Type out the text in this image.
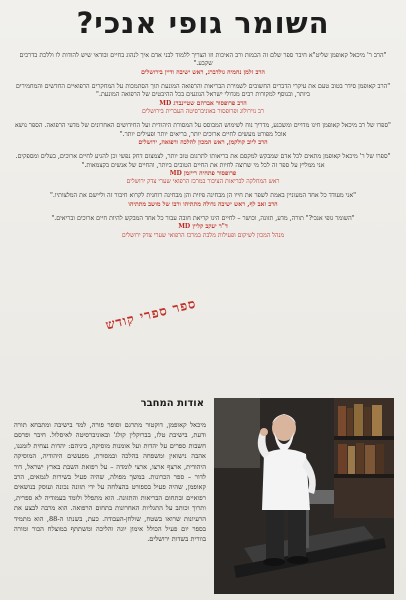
השומר גופי אנכי?
"הרב ר' מיכאל קאופמן שליט"א חיבר ספר שלם זה הכמות ורב האיכות וזו הצריך ללמוד לבני אדם איך לנהוג בחיים ובודאי שיש להודות לו וללכת בדרכים שקבע."
הרב זלמן נחמיה גולדברג, ראש ישיבה ודיין בירושלים
"הרב קאופמן סידר בטוב טעם את עיקרי הדברים החשובים לשמירת הבריאות והרפואה המונעת תוך הסתמכות על המחקרים הרפואיים החדשים והמחמירים ביותר, ובנוסף למקורות רבים מגדולי ישראל הנוגעים בכל ההיבטים של הרפואה המונעת."
הרב פרופסור אברהם שטיינברג MD
רב נוירולוג ופרופסור באוניברסיטה העברית בירושלים
"ספרו של רב מיכאל קאופמן חינו מדויים ומשכנע, מדריך נוח לשימוש המבוסס על המסורת היהודית ועל החידושים האחרונים של מדעי הרפואה. הספר נושא אוכל מפורט מעשים לחיים ארוכים יותר, בריאים יותר ופעילים יותר."
הרב ליוב קולקמן, ראש המכון להלכה ורפואה, ירושלים
"ספרו של ר' מיכאל קאופמן מתאים לכל אדם שמבקש למקסם את בריאותו לתרגום טוב יותר, לצמצום דחק נפשי וכן להגיע לחיים ארוכים, בעלים ומספקים. אני ממליץ על ספר זה לכל מי שרוצה לחיות את החיים הטובים ביותר, והחיים של אנשים בקצמאות."
פרופסור פתחיה רייזמן MD
ראש המחלקה לבריאות הציבור במרכז הרפואי שערי צדק ירושלים
"אני מעודד כל אחד המעוניין באמת לשפר את חייו הן מבחינה פיזית והן מבחינה רוחנית לקרוא חיבור זה וליישם את המלצותיו."
הרב זאב לף, ראש ישיבה גדולה מתתיהו ורבו של מושב מתתיהו
"השומר גופי אנכי?" תורה, מדע, תזונה, וכושר – לחיים הינו קריאת חובה עבור כל אחד המבקש להיות חיים ארוכים ובריאים."
ד"ר יעקב קליין MD
מנהל המכון לשיקום ופעילות מלבת במרכז הרפואי שערי צדק ירושלים
ספר ספרי קודש
אודות המחבר
מיכאל קאופמן, דוקטור מתרגם וסופר פורה, למד בישיבה ומתבחא תורה ודעת, בישיבת טלז, בברוקלין קולג' ובאוניברסיטה לאיסלול. חיבר ופרסם חשבות ספרים על יהדות ועל אומנות מוסיקה, ביניהם: יהדות נצחית לזמננו, אהבה נישואין ומשפחה בהלכה ובמסורת, מפעשים היהודיה, המוסיקה היהודית, ארצף ארצו, ארצי לומדה – על רפואת השבת בארץ ישראל, דור לדור – ספר הכרונות. במשך מפולה, שהיה פעיל בשירות לגמאים, הרב קאופמן, שהיה פעיל בספורט בהצלחה על ידי תזונה נכונה ועוסק בנושאים רפואיים ובתחום הבריאות והתזונה. הוא מתפלל ולומד בעמודיה לא ספרית, ותרוך וכותב על התגליות האחרונות בתחום הרפואה. הוא מרבה לבצע את הרעיונות שרואו בשטח, שולחן-העבודה. כעת, בשנתו ה-88, הוא מתמיד בספר יום פעיל הכולל אימון יוגה והליכה ומשתתף במוצלח הכור ומורה בוורית בשדות ירושלים.
